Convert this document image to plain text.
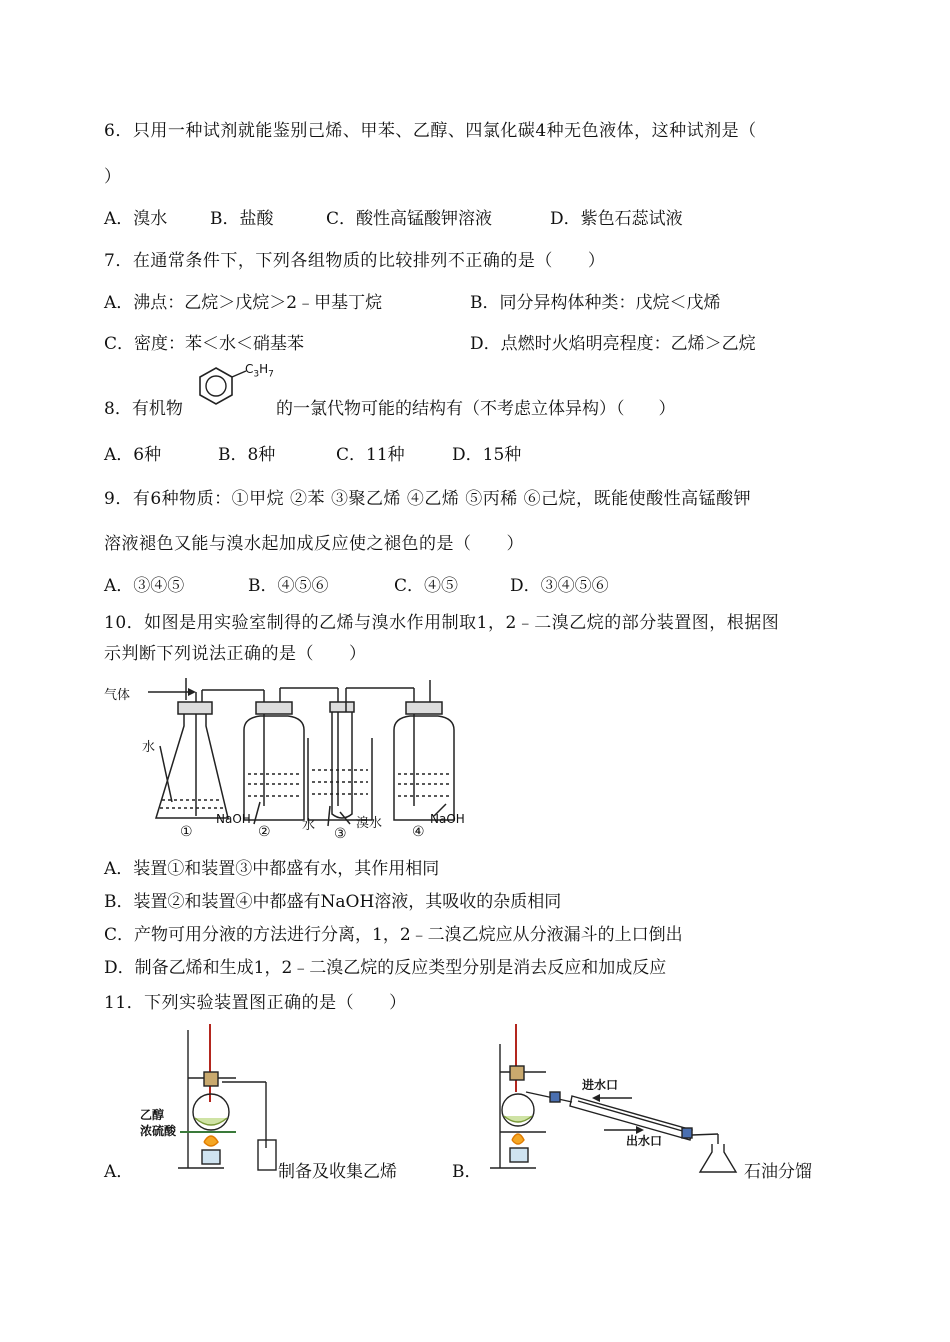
6．只用一种试剂就能鉴别己烯、甲苯、乙醇、四氯化碳4种无色液体，这种试剂是（
）
A．溴水	B．盐酸	C．酸性高锰酸钾溶液	D．紫色石蕊试液
7．在通常条件下，下列各组物质的比较排列不正确的是（　　）
A．沸点：乙烷＞戊烷＞2﹣甲基丁烷	B．同分异构体种类：戊烷＜戊烯
C．密度：苯＜水＜硝基苯	D．点燃时火焰明亮程度：乙烯＞乙烷
8．有机物
$C_3H_7$
的一氯代物可能的结构有（不考虑立体异构）（　　）
A．6种	B．8种	C．11种	D．15种
9．有6种物质：①甲烷 ②苯 ③聚乙烯 ④乙烯 ⑤丙稀 ⑥己烷，既能使酸性高锰酸钾
溶液褪色又能与溴水起加成反应使之褪色的是（　　）
A．③④⑤	B．④⑤⑥	C．④⑤	D．③④⑤⑥
10．如图是用实验室制得的乙烯与溴水作用制取1，2﹣二溴乙烷的部分装置图，根据图
示判断下列说法正确的是（　　）
气体
水
NaOH	水	溴水	NaOH
①	②	③	④
A．装置①和装置③中都盛有水，其作用相同
B．装置②和装置④中都盛有NaOH溶液，其吸收的杂质相同
C．产物可用分液的方法进行分离，1，2﹣二溴乙烷应从分液漏斗的上口倒出
D．制备乙烯和生成1，2﹣二溴乙烷的反应类型分别是消去反应和加成反应
11．下列实验装置图正确的是（　　）
A．
乙醇
浓硫酸
制备及收集乙烯	B．
进水口
出水口
石油分馏
